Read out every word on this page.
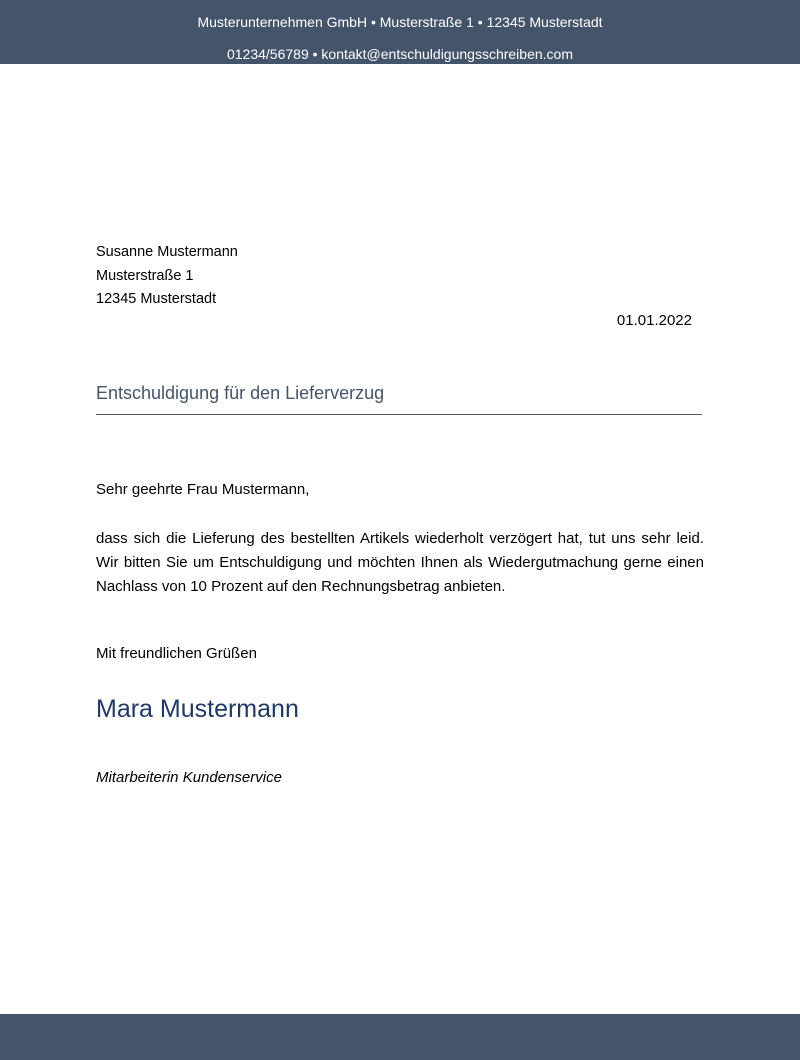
Musterunternehmen GmbH • Musterstraße 1 • 12345 Musterstadt
01234/56789 • kontakt@entschuldigungsschreiben.com
Susanne Mustermann
Musterstraße 1
12345 Musterstadt
01.01.2022
Entschuldigung für den Lieferverzug
Sehr geehrte Frau Mustermann,
dass sich die Lieferung des bestellten Artikels wiederholt verzögert hat, tut uns sehr leid. Wir bitten Sie um Entschuldigung und möchten Ihnen als Wiedergutmachung gerne einen Nachlass von 10 Prozent auf den Rechnungsbetrag anbieten.
Mit freundlichen Grüßen
Mara Mustermann
Mitarbeiterin Kundenservice
